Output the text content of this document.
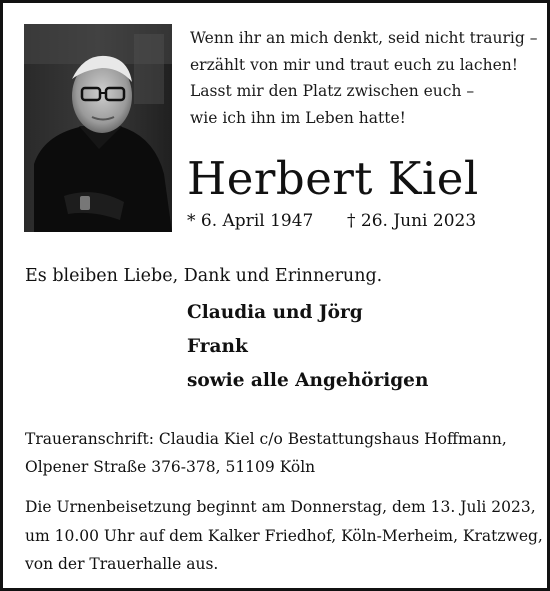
Wenn ihr an mich denkt, seid nicht traurig –
erzählt von mir und traut euch zu lachen!
Lasst mir den Platz zwischen euch –
wie ich ihn im Leben hatte!
Herbert Kiel
* 6. April 1947 † 26. Juni 2023
Es bleiben Liebe, Dank und Erinnerung.
Claudia und Jörg
Frank
sowie alle Angehörigen
Traueranschrift: Claudia Kiel c/o Bestattungshaus Hoffmann,
Olpener Straße 376-378, 51109 Köln
Die Urnenbeisetzung beginnt am Donnerstag, dem 13. Juli 2023,
um 10.00 Uhr auf dem Kalker Friedhof, Köln-Merheim, Kratzweg,
von der Trauerhalle aus.
